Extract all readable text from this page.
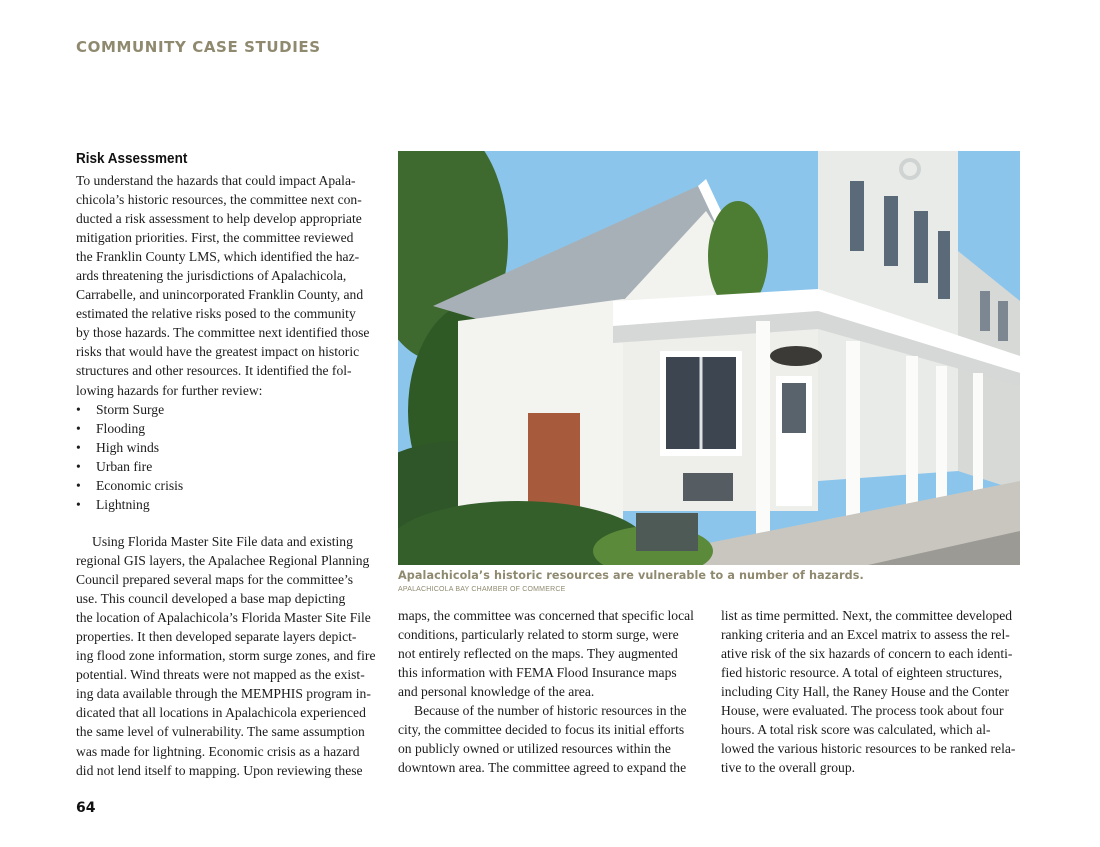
COMMUNITY CASE STUDIES
Risk Assessment

To understand the hazards that could impact Apala-

chicola’s historic resources, the committee next con-

ducted a risk assessment to help develop appropriate

mitigation priorities. First, the committee reviewed

the Franklin County LMS, which identified the haz-

ards threatening the jurisdictions of Apalachicola,

Carrabelle, and unincorporated Franklin County, and

estimated the relative risks posed to the community

by those hazards. The committee next identified those

risks that would have the greatest impact on historic

structures and other resources. It identified the fol-

lowing hazards for further review:

•	Storm Surge
•	Flooding
•	High winds
•	Urban fire
•	Economic crisis
•	Lightning

Using Florida Master Site File data and existing

regional GIS layers, the Apalachee Regional Planning

Council prepared several maps for the committee’s

use. This council developed a base map depicting

the location of Apalachicola’s Florida Master Site File

properties. It then developed separate layers depict-

ing flood zone information, storm surge zones, and fire

potential. Wind threats were not mapped as the exist-

ing data available through the MEMPHIS program in-

dicated that all locations in Apalachicola experienced

the same level of vulnerability. The same assumption

was made for lightning. Economic crisis as a hazard

did not lend itself to mapping. Upon reviewing these

Apalachicola’s historic resources are vulnerable to a number of hazards.
APALACHICOLA BAY CHAMBER OF COMMERCE

maps, the committee was concerned that specific local

conditions, particularly related to storm surge, were

not entirely reflected on the maps. They augmented

this information with FEMA Flood Insurance maps

and personal knowledge of the area.

Because of the number of historic resources in the

city, the committee decided to focus its initial efforts

on publicly owned or utilized resources within the

downtown area. The committee agreed to expand the

list as time permitted. Next, the committee developed

ranking criteria and an Excel matrix to assess the rel-

ative risk of the six hazards of concern to each identi-

fied historic resource. A total of eighteen structures,

including City Hall, the Raney House and the Conter

House, were evaluated. The process took about four

hours. A total risk score was calculated, which al-

lowed the various historic resources to be ranked rela-

tive to the overall group.

64
